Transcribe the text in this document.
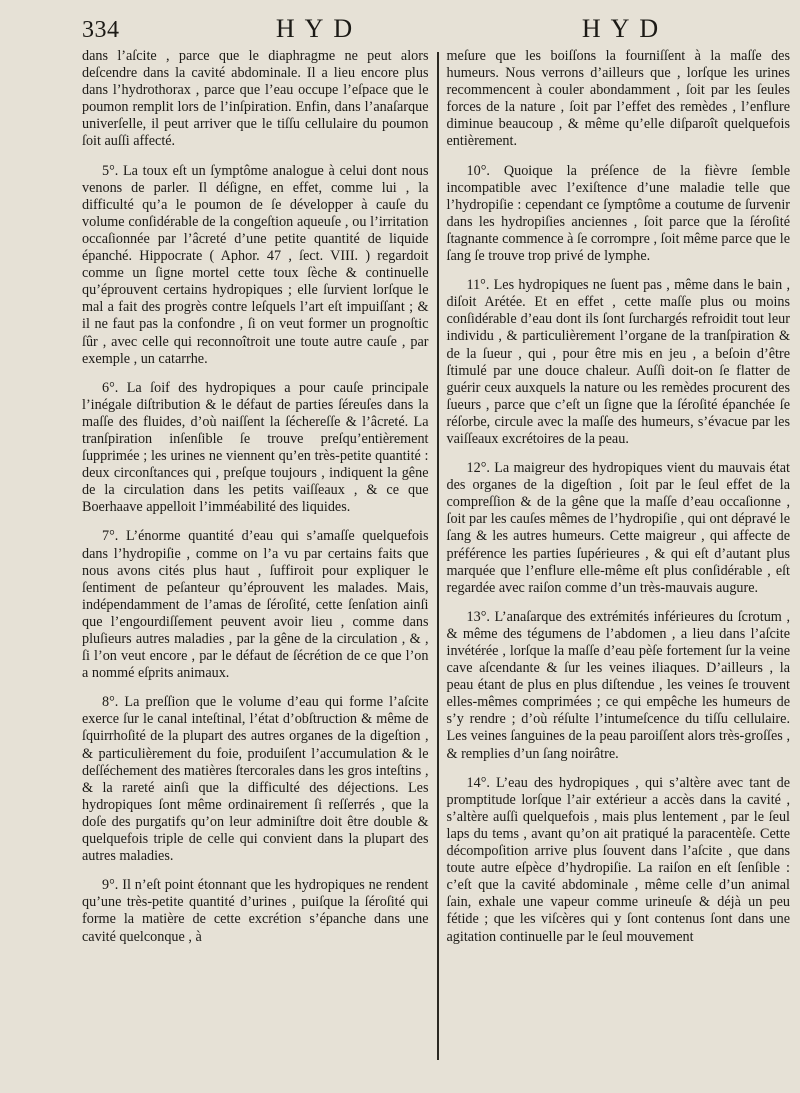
334	HYD	HYD

dans l’aſcite , parce que le diaphragme ne peut alors deſcendre dans la cavité abdominale. Il a lieu encore plus dans l’hydrothorax , parce que l’eau occupe l’eſpace que le poumon remplit lors de l’inſpiration. Enfin, dans l’anaſarque univerſelle, il peut arriver que le tiſſu cellulaire du poumon ſoit auſſi affecté.

5°. La toux eſt un ſymptôme analogue à celui dont nous venons de parler. Il déſigne, en effet, comme lui , la difficulté qu’a le poumon de ſe développer à cauſe du volume conſidérable de la congeſtion aqueuſe , ou l’irritation occaſionnée par l’âcreté d’une petite quantité de liquide épanché. Hippocrate ( Aphor. 47 , ſect. VIII. ) regardoit comme un ſigne mortel cette toux ſèche & continuelle qu’éprouvent certains hydropiques ; elle ſurvient lorſque le mal a fait des progrès contre leſquels l’art eſt impuiſſant ; & il ne faut pas la confondre , ſi on veut former un prognoſtic ſûr , avec celle qui reconnoîtroit une toute autre cauſe , par exemple , un catarrhe.

6°. La ſoif des hydropiques a pour cauſe principale l’inégale diſtribution & le défaut de parties ſéreuſes dans la maſſe des fluides, d’où naiſſent la ſécherеſſe & l’âcreté. La tranſpiration inſenſible ſe trouve preſqu’entièrement ſupprimée ; les urines ne viennent qu’en très-petite quantité : deux circonſtances qui , preſque toujours , indiquent la gêne de la circulation dans les petits vaiſſeaux , & ce que Boerhaave appelloit l’imméabilité des liquides.

7°. L’énorme quantité d’eau qui s’amaſſe quelquefois dans l’hydropiſie , comme on l’a vu par certains faits que nous avons cités plus haut , ſuffiroit pour expliquer le ſentiment de peſanteur qu’éprouvent les malades. Mais, indépendamment de l’amas de ſéroſité, cette ſenſation ainſi que l’engourdiſſement peuvent avoir lieu , comme dans pluſieurs autres maladies , par la gêne de la circulation , & , ſi l’on veut encore , par le défaut de ſécrétion de ce que l’on a nommé eſprits animaux.

8°. La preſſion que le volume d’eau qui forme l’aſcite exerce ſur le canal inteſtinal, l’état d’obſtruction & même de ſquirrhoſité de la plupart des autres organes de la digeſtion , & particulièrement du foie, produiſent l’accumulation & le deſſéchement des matières ſtercorales dans les gros inteſtins , & la rareté ainſi que la difficulté des déjections. Les hydropiques ſont même ordinairement ſi reſſerrés , que la doſe des purgatifs qu’on leur adminiſtre doit être double & quelquefois triple de celle qui convient dans la plupart des autres maladies.

9°. Il n’eſt point étonnant que les hydropiques ne rendent qu’une très-petite quantité d’urines , puiſque la ſéroſité qui forme la matière de cette excrétion s’épanche dans une cavité quelconque , à

meſure que les boiſſons la fourniſſent à la maſſe des humeurs. Nous verrons d’ailleurs que , lorſque les urines recommencent à couler abondamment , ſoit par les ſeules forces de la nature , ſoit par l’effet des remèdes , l’enflure diminue beaucoup , & même qu’elle diſparoît quelquefois entièrement.

10°. Quoique la préſence de la fièvre ſemble incompatible avec l’exiſtence d’une maladie telle que l’hydropiſie : cependant ce ſymptôme a coutume de ſurvenir dans les hydropiſies anciennes , ſoit parce que la ſéroſité ſtagnante commence à ſe corrompre , ſoit même parce que le ſang ſe trouve trop privé de lymphe.

11°. Les hydropiques ne ſuent pas , même dans le bain , diſoit Arétée. Et en effet , cette maſſe plus ou moins conſidérable d’eau dont ils ſont ſurchargés refroidit tout leur individu , & particulièrement l’organe de la tranſpiration & de la ſueur , qui , pour être mis en jeu , a beſoin d’être ſtimulé par une douce chaleur. Auſſi doit-on ſe flatter de guérir ceux auxquels la nature ou les remèdes procurent des ſueurs , parce que c’eſt un ſigne que la ſéroſité épanchée ſe réſorbe, circule avec la maſſe des humeurs, s’évacue par les vaiſſeaux excrétoires de la peau.

12°. La maigreur des hydropiques vient du mauvais état des organes de la digeſtion , ſoit par le ſeul effet de la compreſſion & de la gêne que la maſſe d’eau occaſionne , ſoit par les cauſes mêmes de l’hydropiſie , qui ont dépravé le ſang & les autres humeurs. Cette maigreur , qui affecte de préférence les parties ſupérieures , & qui eſt d’autant plus marquée que l’enflure elle-même eſt plus conſidérable , eſt regardée avec raiſon comme d’un très-mauvais augure.

13°. L’anaſarque des extrémités inférieures du ſcrotum , & même des tégumens de l’abdomen , a lieu dans l’aſcite invétérée , lorſque la maſſe d’eau pèſe fortement ſur la veine cave aſcendante & ſur les veines iliaques. D’ailleurs , la peau étant de plus en plus diſtendue , les veines ſe trouvent elles-mêmes comprimées ; ce qui empêche les humeurs de s’y rendre ; d’où réſulte l’intumeſcence du tiſſu cellulaire. Les veines ſanguines de la peau paroiſſent alors très-groſſes , & remplies d’un ſang noirâtre.

14°. L’eau des hydropiques , qui s’altère avec tant de promptitude lorſque l’air extérieur a accès dans la cavité , s’altère auſſi quelquefois , mais plus lentement , par le ſeul laps du tems , avant qu’on ait pratiqué la paracentèſe. Cette décompoſition arrive plus ſouvent dans l’aſcite , que dans toute autre eſpèce d’hydropiſie. La raiſon en eſt ſenſible : c’eſt que la cavité abdominale , même celle d’un animal ſain, exhale une vapeur comme urineuſe & déjà un peu fétide ; que les viſcères qui y ſont contenus ſont dans une agitation continuelle par le ſeul mouvement
